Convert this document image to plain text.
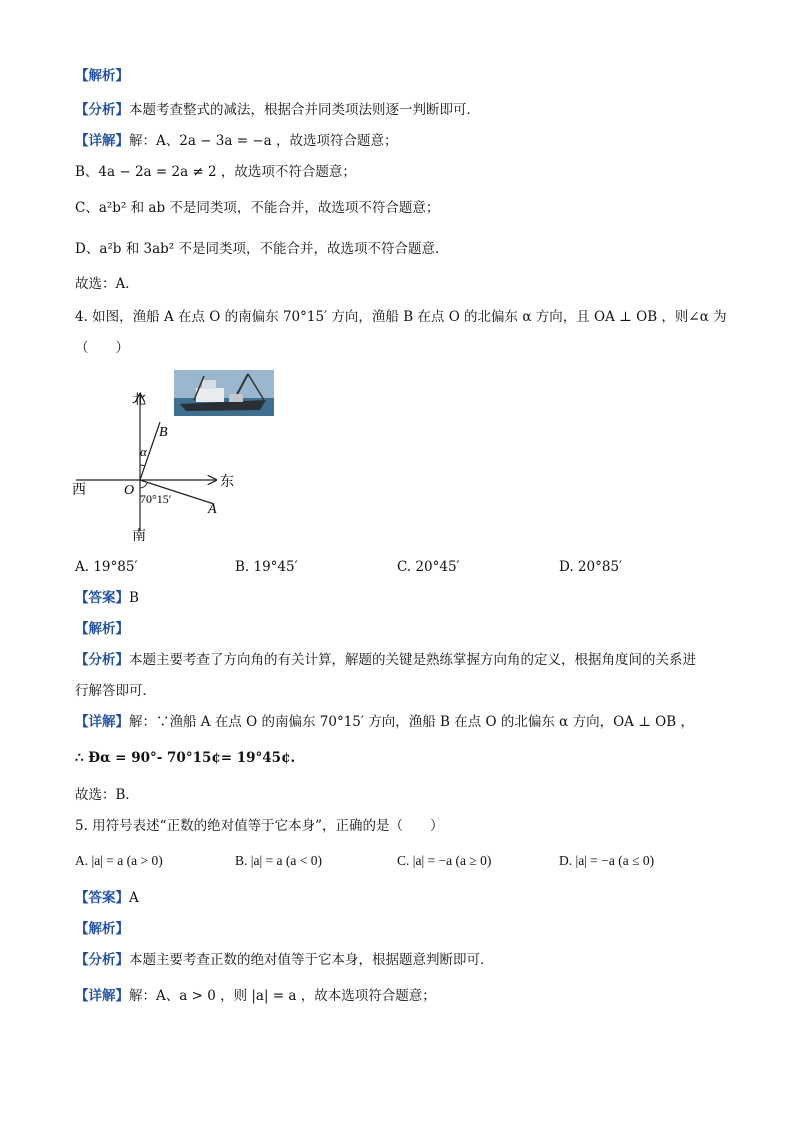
【解析】
【分析】本题考查整式的减法，根据合并同类项法则逐一判断即可．
【详解】解：A、2a − 3a = −a ，故选项符合题意；
B、4a − 2a = 2a ≠ 2 ，故选项不符合题意；
C、a²b² 和 ab 不是同类项，不能合并，故选项不符合题意；
D、a²b 和 3ab² 不是同类项，不能合并，故选项不符合题意．
故选：A．
4. 如图，渔船 A 在点 O 的南偏东 70°15′ 方向，渔船 B 在点 O 的北偏东 α 方向，且 OA ⊥ OB ，则∠α 为
（　　）
北
南
东
西	O
A
B
α
70°15′
A. 19°85′	B. 19°45′	C. 20°45′	D. 20°85′
【答案】B
【解析】
【分析】本题主要考查了方向角的有关计算，解题的关键是熟练掌握方向角的定义，根据角度间的关系进
行解答即可．
【详解】解：∵渔船 A 在点 O 的南偏东 70°15′ 方向，渔船 B 在点 O 的北偏东 α 方向，OA ⊥ OB ，
∴ Ðα = 90°- 70°15¢= 19°45¢.
故选：B．
5. 用符号表述“正数的绝对值等于它本身”，正确的是（　　）
A. |a| = a (a > 0)	B. |a| = a (a < 0)	C. |a| = −a (a ≥ 0)	D. |a| = −a (a ≤ 0)
【答案】A
【解析】
【分析】本题主要考查正数的绝对值等于它本身，根据题意判断即可．
【详解】解：A、a > 0 ，则 |a| = a ，故本选项符合题意；
